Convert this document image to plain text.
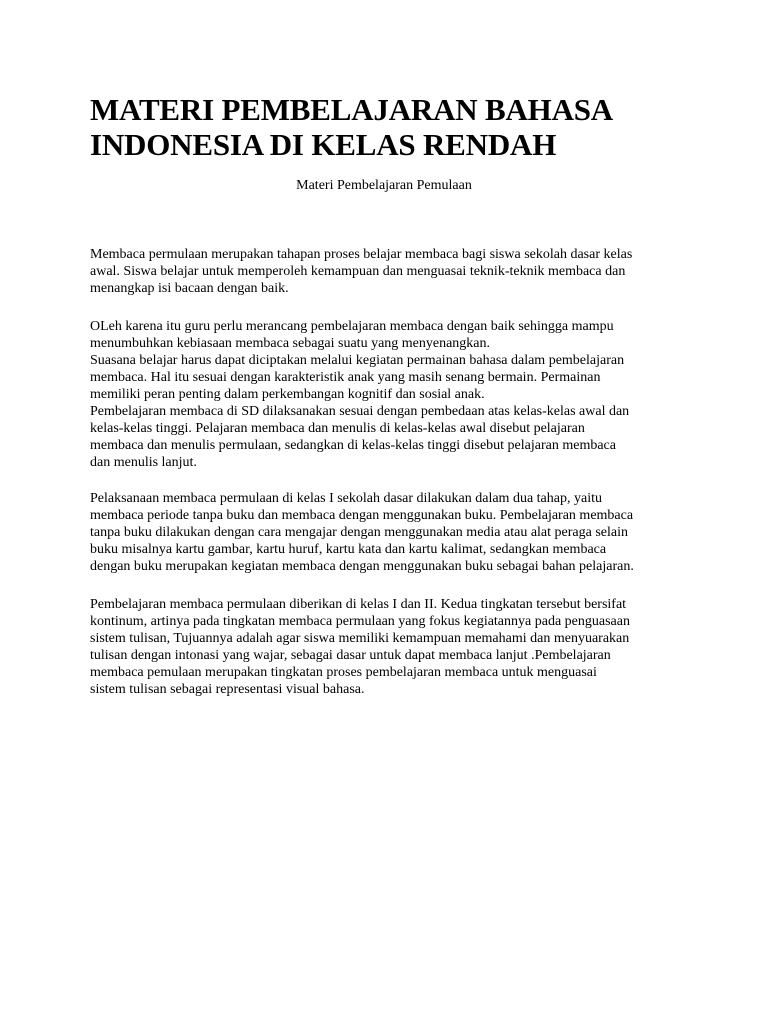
MATERI PEMBELAJARAN BAHASA
INDONESIA DI KELAS RENDAH

Materi Pembelajaran Pemulaan

Membaca permulaan merupakan tahapan proses belajar membaca bagi siswa sekolah dasar kelas
awal. Siswa belajar untuk memperoleh kemampuan dan menguasai teknik-teknik membaca dan
menangkap isi bacaan dengan baik.
OLeh karena itu guru perlu merancang pembelajaran membaca dengan baik sehingga mampu
menumbuhkan kebiasaan membaca sebagai suatu yang menyenangkan.
Suasana belajar harus dapat diciptakan melalui kegiatan permainan bahasa dalam pembelajaran
membaca. Hal itu sesuai dengan karakteristik anak yang masih senang bermain. Permainan
memiliki peran penting dalam perkembangan kognitif dan sosial anak.
Pembelajaran membaca di SD dilaksanakan sesuai dengan pembedaan atas kelas-kelas awal dan
kelas-kelas tinggi. Pelajaran membaca dan menulis di kelas-kelas awal disebut pelajaran
membaca dan menulis permulaan, sedangkan di kelas-kelas tinggi disebut pelajaran membaca
dan menulis lanjut.
Pelaksanaan membaca permulaan di kelas I sekolah dasar dilakukan dalam dua tahap, yaitu
membaca periode tanpa buku dan membaca dengan menggunakan buku. Pembelajaran membaca
tanpa buku dilakukan dengan cara mengajar dengan menggunakan media atau alat peraga selain
buku misalnya kartu gambar, kartu huruf, kartu kata dan kartu kalimat, sedangkan membaca
dengan buku merupakan kegiatan membaca dengan menggunakan buku sebagai bahan pelajaran.
Pembelajaran membaca permulaan diberikan di kelas I dan II. Kedua tingkatan tersebut bersifat
kontinum, artinya pada tingkatan membaca permulaan yang fokus kegiatannya pada penguasaan
sistem tulisan, Tujuannya adalah agar siswa memiliki kemampuan memahami dan menyuarakan
tulisan dengan intonasi yang wajar, sebagai dasar untuk dapat membaca lanjut .Pembelajaran
membaca pemulaan merupakan tingkatan proses pembelajaran membaca untuk menguasai
sistem tulisan sebagai representasi visual bahasa.
